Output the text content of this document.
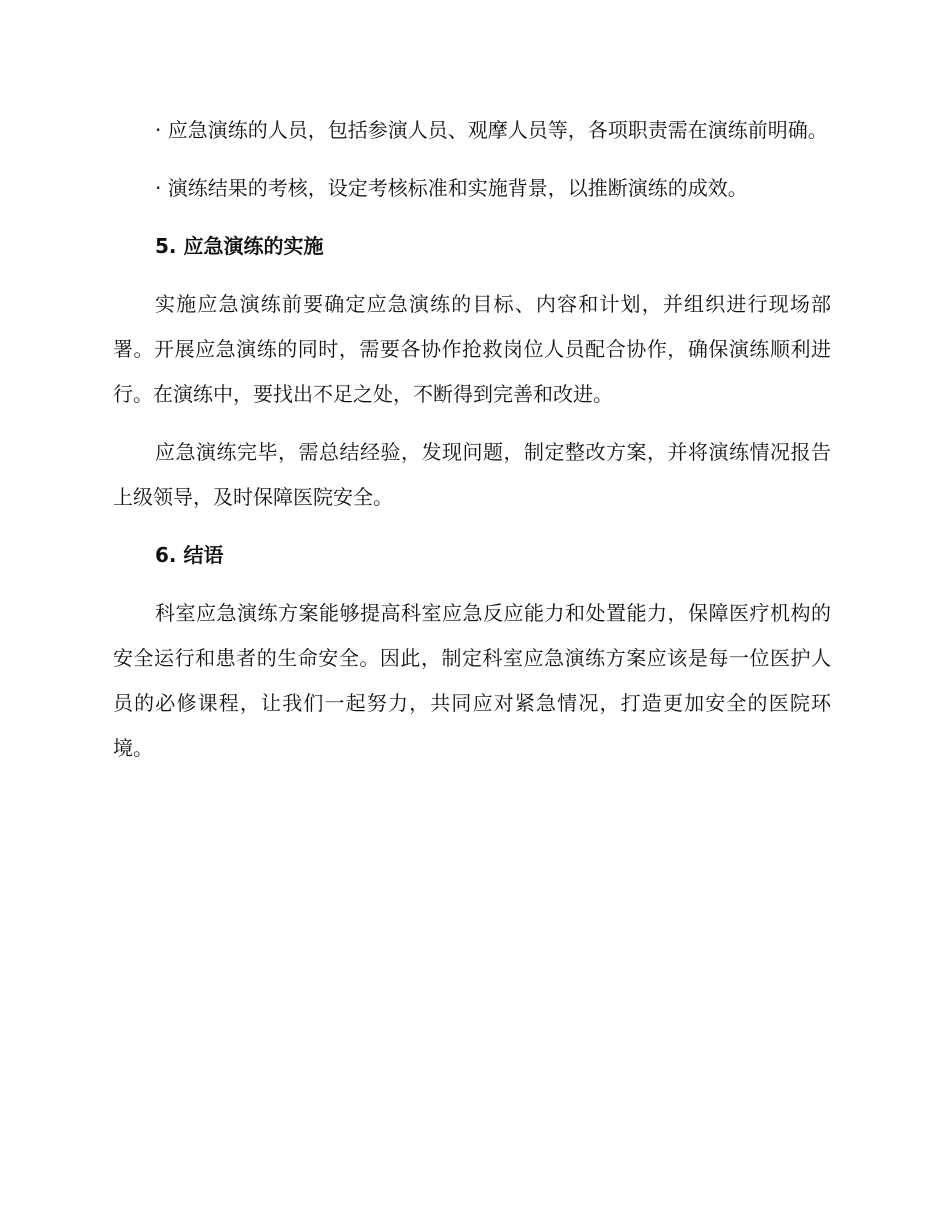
· 应急演练的人员，包括参演人员、观摩人员等，各项职责需在演练前明确。

· 演练结果的考核，设定考核标准和实施背景，以推断演练的成效。

5. 应急演练的实施

实施应急演练前要确定应急演练的目标、内容和计划，并组织进行现场部署。开展应急演练的同时，需要各协作抢救岗位人员配合协作，确保演练顺利进行。在演练中，要找出不足之处，不断得到完善和改进。

应急演练完毕，需总结经验，发现问题，制定整改方案，并将演练情况报告上级领导，及时保障医院安全。

6. 结语

科室应急演练方案能够提高科室应急反应能力和处置能力，保障医疗机构的安全运行和患者的生命安全。因此，制定科室应急演练方案应该是每一位医护人员的必修课程，让我们一起努力，共同应对紧急情况，打造更加安全的医院环境。
